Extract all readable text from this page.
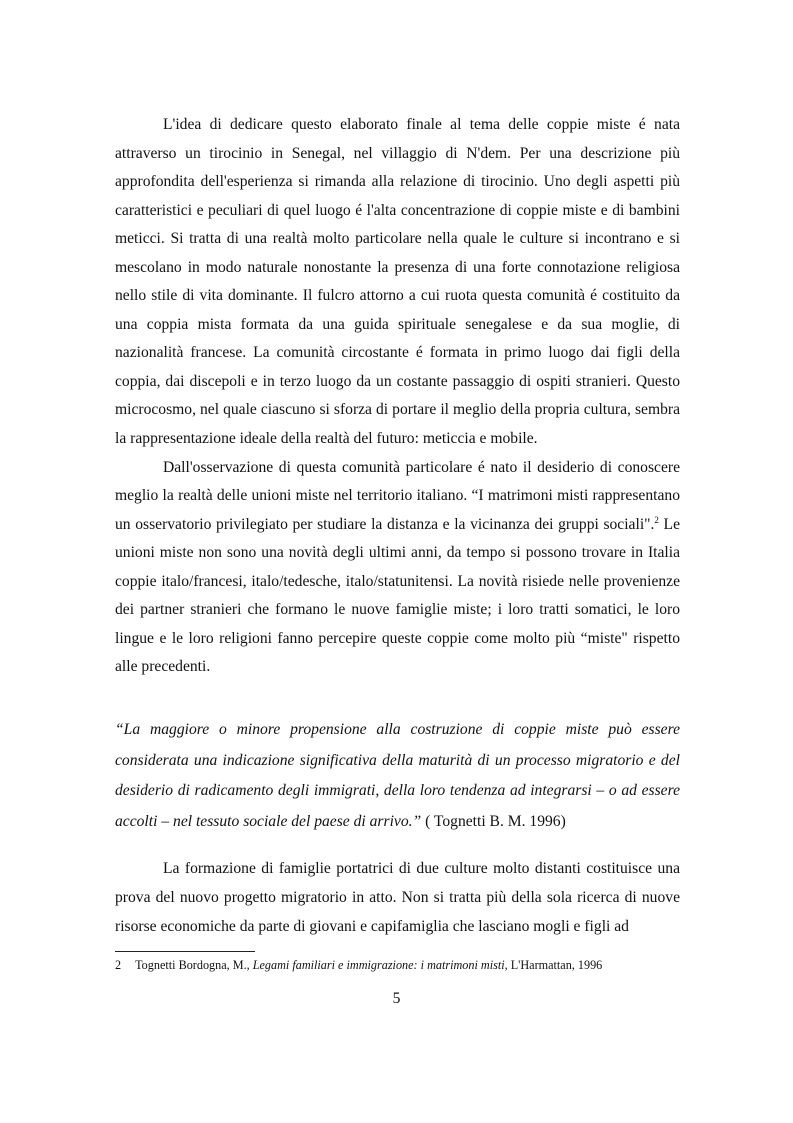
L'idea di dedicare questo elaborato finale al tema delle coppie miste é nata attraverso un tirocinio in Senegal, nel villaggio di N'dem. Per una descrizione più approfondita dell'esperienza si rimanda alla relazione di tirocinio. Uno degli aspetti più caratteristici e peculiari di quel luogo é l'alta concentrazione di coppie miste e di bambini meticci. Si tratta di una realtà molto particolare nella quale le culture si incontrano e si mescolano in modo naturale nonostante la presenza di una forte connotazione religiosa nello stile di vita dominante. Il fulcro attorno a cui ruota questa comunità é costituito da una coppia mista formata da una guida spirituale senegalese e da sua moglie, di nazionalità francese. La comunità circostante é formata in primo luogo dai figli della coppia, dai discepoli e in terzo luogo da un costante passaggio di ospiti stranieri. Questo microcosmo, nel quale ciascuno si sforza di portare il meglio della propria cultura, sembra la rappresentazione ideale della realtà del futuro: meticcia e mobile.

Dall'osservazione di questa comunità particolare é nato il desiderio di conoscere meglio la realtà delle unioni miste nel territorio italiano. “I matrimoni misti rappresentano un osservatorio privilegiato per studiare la distanza e la vicinanza dei gruppi sociali".$^2$ Le unioni miste non sono una novità degli ultimi anni, da tempo si possono trovare in Italia coppie italo/francesi, italo/tedesche, italo/statunitensi. La novità risiede nelle provenienze dei partner stranieri che formano le nuove famiglie miste; i loro tratti somatici, le loro lingue e le loro religioni fanno percepire queste coppie come molto più “miste" rispetto alle precedenti.

“La maggiore o minore propensione alla costruzione di coppie miste può essere considerata una indicazione significativa della maturità di un processo migratorio e del desiderio di radicamento degli immigrati, della loro tendenza ad integrarsi – o ad essere accolti – nel tessuto sociale del paese di arrivo.” ( Tognetti B. M. 1996)

La formazione di famiglie portatrici di due culture molto distanti costituisce una prova del nuovo progetto migratorio in atto. Non si tratta più della sola ricerca di nuove risorse economiche da parte di giovani e capifamiglia che lasciano mogli e figli ad

2 Tognetti Bordogna, M., Legami familiari e immigrazione: i matrimoni misti, L'Harmattan, 1996

5
